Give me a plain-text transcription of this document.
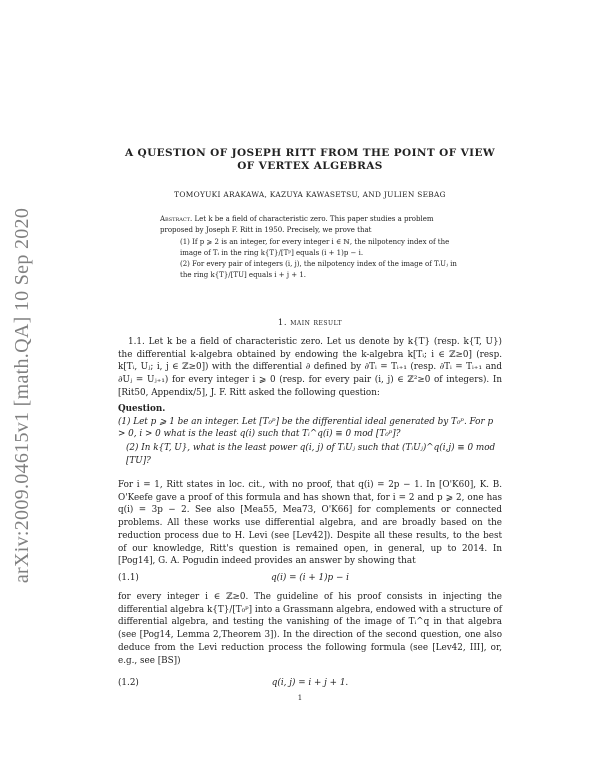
arXiv:2009.04615v1 [math.QA] 10 Sep 2020
A QUESTION OF JOSEPH RITT FROM THE POINT OF VIEW
OF VERTEX ALGEBRAS
TOMOYUKI ARAKAWA, KAZUYA KAWASETSU, AND JULIEN SEBAG
Abstract. Let k be a field of characteristic zero. This paper studies a problem proposed by Joseph F. Ritt in 1950. Precisely, we prove that
(1) If p ⩾ 2 is an integer, for every integer i ∈ ℕ, the nilpotency index of the image of Tᵢ in the ring k{T}/[Tᵖ] equals (i + 1)p − i.
(2) For every pair of integers (i, j), the nilpotency index of the image of TᵢUⱼ in the ring k{T}/[TU] equals i + j + 1.
1. main result
1.1. Let k be a field of characteristic zero. Let us denote by k{T} (resp. k{T, U}) the differential k-algebra obtained by endowing the k-algebra k[Tᵢ; i ∈ ℤ≥0] (resp. k[Tᵢ, Uⱼ; i, j ∈ ℤ≥0]) with the differential ∂ defined by ∂Tᵢ = Tᵢ₊₁ (resp. ∂Tᵢ = Tᵢ₊₁ and ∂Uⱼ = Uⱼ₊₁) for every integer i ⩾ 0 (resp. for every pair (i, j) ∈ ℤ²≥0 of integers). In [Rit50, Appendix/5], J. F. Ritt asked the following question:
Question.
(1) Let p ⩾ 1 be an integer. Let [T₀ᵖ] be the differential ideal generated by T₀ᵖ. For p > 0, i > 0 what is the least q(i) such that Tᵢ^q(i) ≡ 0 mod [T₀ᵖ]?
(2) In k{T, U}, what is the least power q(i, j) of TᵢUⱼ such that (TᵢUⱼ)^q(i,j) ≡ 0 mod [TU]?
For i = 1, Ritt states in loc. cit., with no proof, that q(i) = 2p − 1. In [O'K60], K. B. O'Keefe gave a proof of this formula and has shown that, for i = 2 and p ⩾ 2, one has q(i) = 3p − 2. See also [Mea55, Mea73, O'K66] for complements or connected problems. All these works use differential algebra, and are broadly based on the reduction process due to H. Levi (see [Lev42]). Despite all these results, to the best of our knowledge, Ritt's question is remained open, in general, up to 2014. In [Pog14], G. A. Pogudin indeed provides an answer by showing that
(1.1)	q(i) = (i + 1)p − i
for every integer i ∈ ℤ≥0. The guideline of his proof consists in injecting the differential algebra k{T}/[T₀ᵖ] into a Grassmann algebra, endowed with a structure of differential algebra, and testing the vanishing of the image of Tᵢ^q in that algebra (see [Pog14, Lemma 2,Theorem 3]). In the direction of the second question, one also deduce from the Levi reduction process the following formula (see [Lev42, III], or, e.g., see [BS])
(1.2)	q(i, j) = i + j + 1.
1
